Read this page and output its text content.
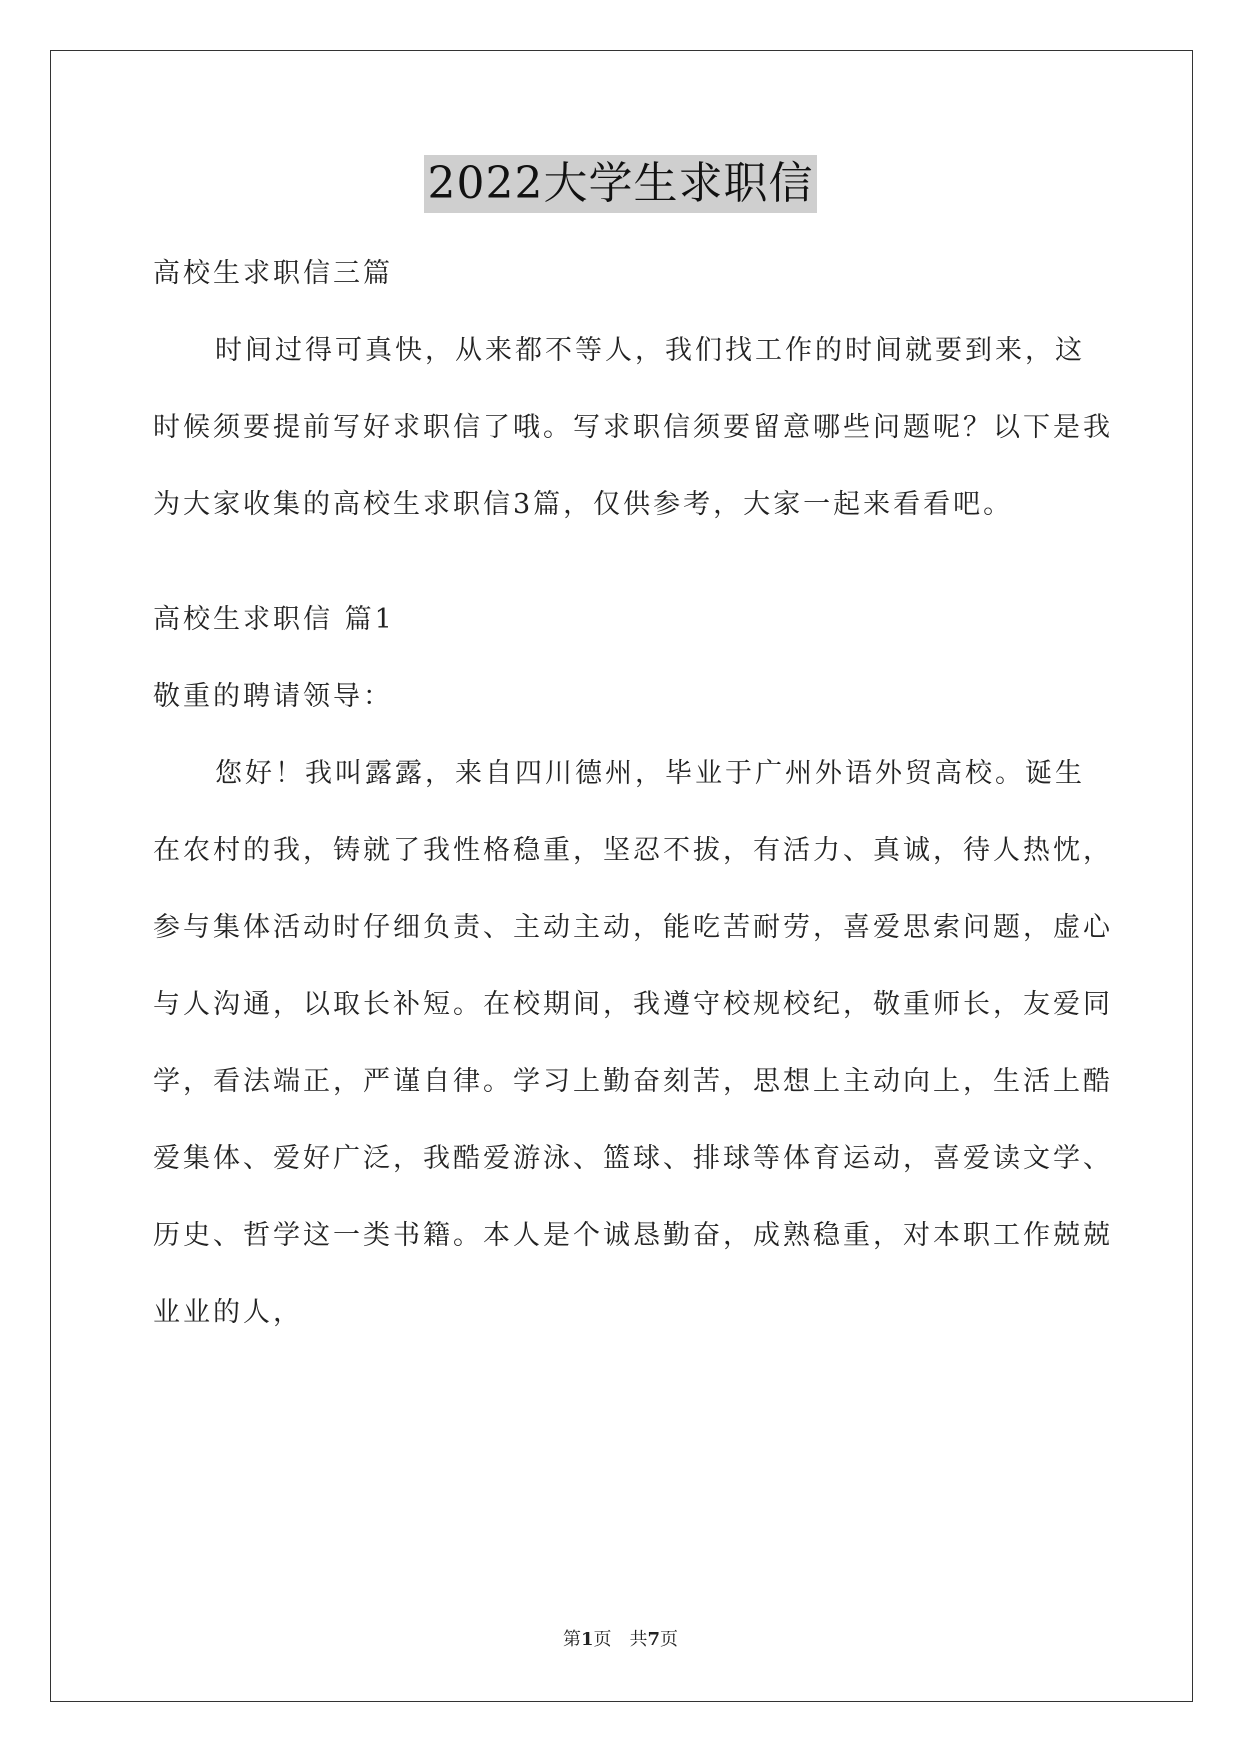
2022大学生求职信

高校生求职信三篇

时间过得可真快，从来都不等人，我们找工作的时间就要到来，这时候须要提前写好求职信了哦。写求职信须要留意哪些问题呢？以下是我为大家收集的高校生求职信3篇，仅供参考，大家一起来看看吧。

高校生求职信 篇1

敬重的聘请领导：

您好！我叫露露，来自四川德州，毕业于广州外语外贸高校。诞生在农村的我，铸就了我性格稳重，坚忍不拔，有活力、真诚，待人热忱，参与集体活动时仔细负责、主动主动，能吃苦耐劳，喜爱思索问题，虚心与人沟通，以取长补短。在校期间，我遵守校规校纪，敬重师长，友爱同学，看法端正，严谨自律。学习上勤奋刻苦，思想上主动向上，生活上酷爱集体、爱好广泛，我酷爱游泳、篮球、排球等体育运动，喜爱读文学、历史、哲学这一类书籍。本人是个诚恳勤奋，成熟稳重，对本职工作兢兢业业的人，

第1页　共7页
